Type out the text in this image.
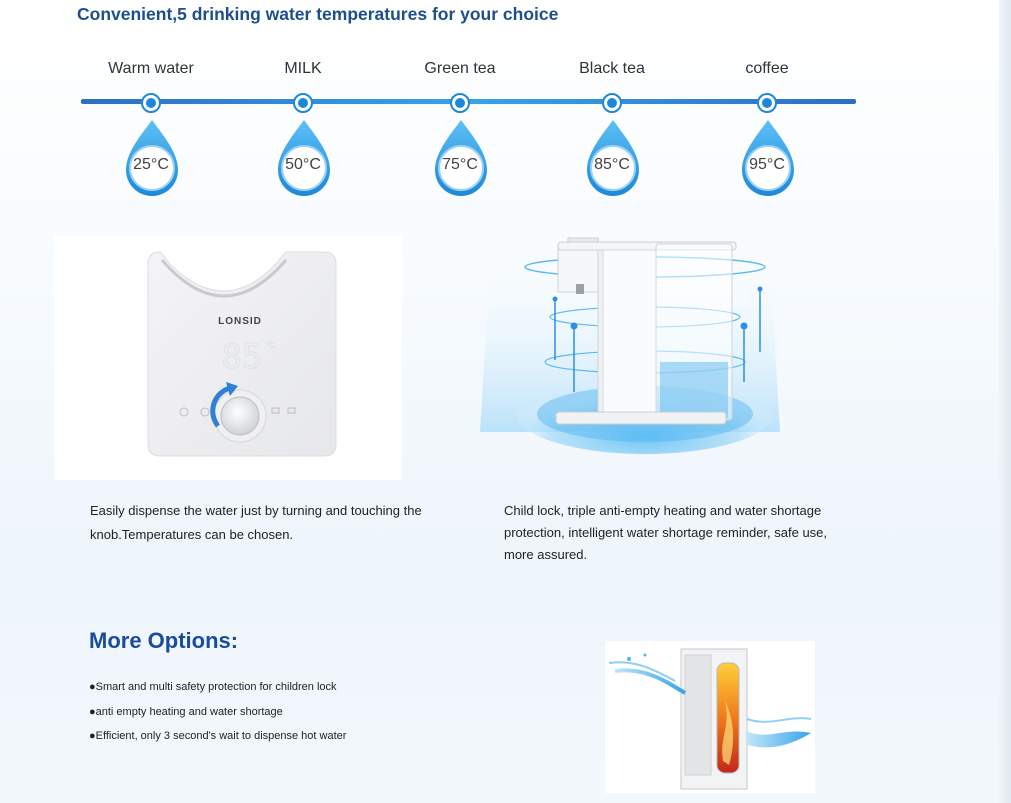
Convenient,5 drinking water temperatures for your choice
Warm water
25°C
MILK
50°C
Green tea
75°C
Black tea
85°C
coffee
95°C
LONSID
85 °C

Easily dispense the water just by turning and touching the knob.Temperatures can be chosen.

Child lock, triple anti-empty heating and water shortage protection, intelligent water shortage reminder, safe use, more assured.

More Options:
●Smart and multi safety protection for children lock
●anti empty heating and water shortage
●Efficient, only 3 second's wait to dispense hot water
